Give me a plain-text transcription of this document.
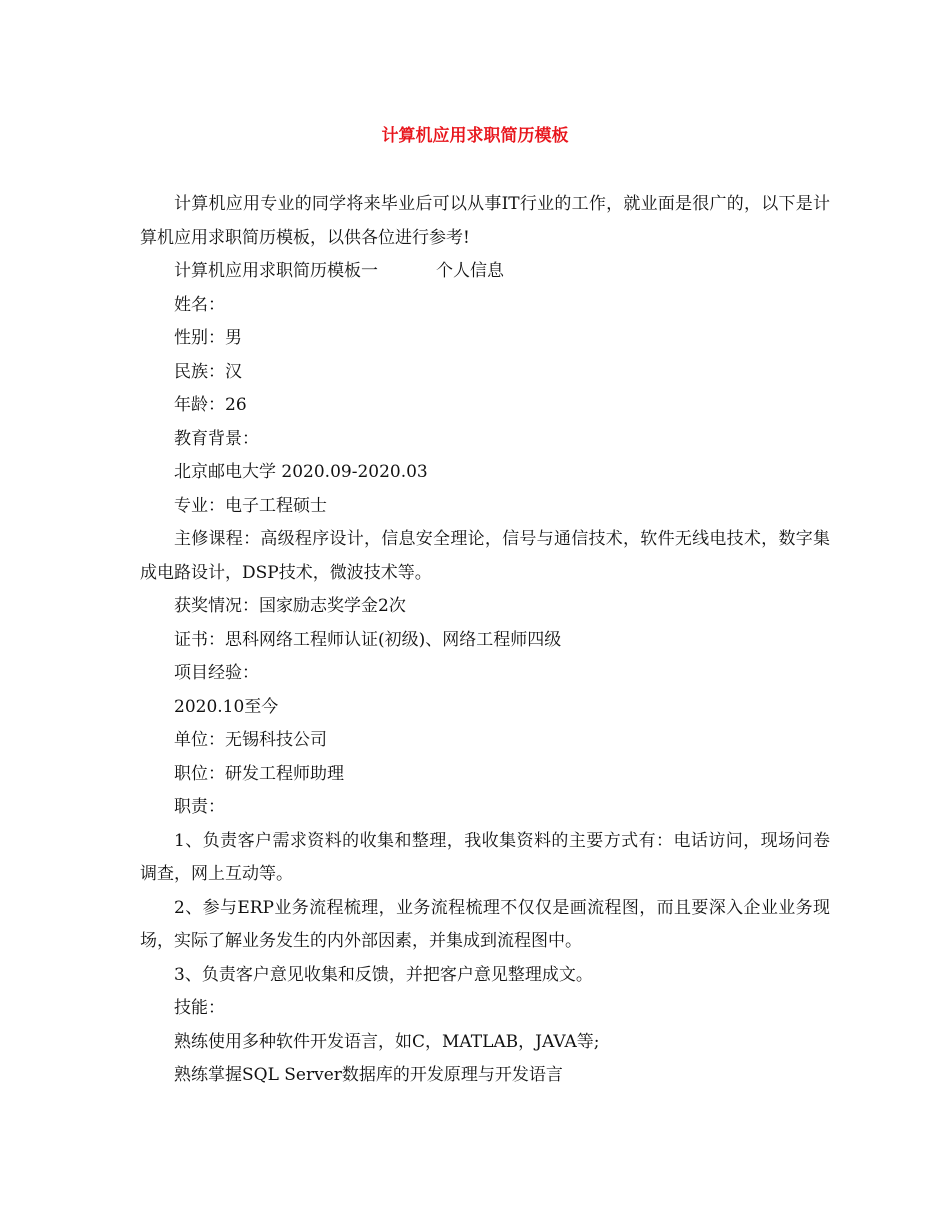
计算机应用求职简历模板

计算机应用专业的同学将来毕业后可以从事IT行业的工作，就业面是很广的，以下是计算机应用求职简历模板，以供各位进行参考!

计算机应用求职简历模板一	个人信息

姓名：

性别：男

民族：汉

年龄：26

教育背景：

北京邮电大学 2020.09-2020.03

专业：电子工程硕士

主修课程：高级程序设计，信息安全理论，信号与通信技术，软件无线电技术，数字集成电路设计，DSP技术，微波技术等。

获奖情况：国家励志奖学金2次

证书：思科网络工程师认证(初级)、网络工程师四级

项目经验：

2020.10至今

单位：无锡科技公司

职位：研发工程师助理

职责：

1、负责客户需求资料的收集和整理，我收集资料的主要方式有：电话访问，现场问卷调查，网上互动等。

2、参与ERP业务流程梳理，业务流程梳理不仅仅是画流程图，而且要深入企业业务现场，实际了解业务发生的内外部因素，并集成到流程图中。

3、负责客户意见收集和反馈，并把客户意见整理成文。

技能：

熟练使用多种软件开发语言，如C，MATLAB，JAVA等;

熟练掌握SQL Server数据库的开发原理与开发语言
